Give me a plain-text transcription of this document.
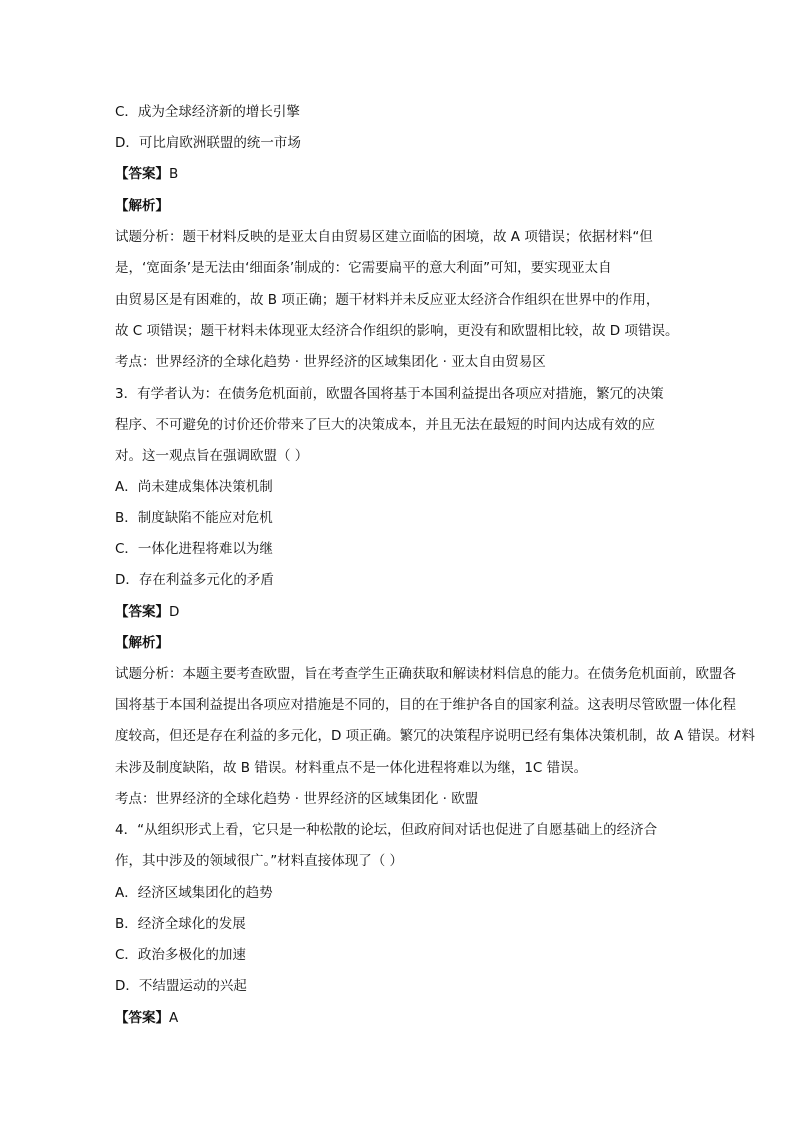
C．成为全球经济新的增长引擎
D．可比肩欧洲联盟的统一市场
【答案】B
【解析】
试题分析：题干材料反映的是亚太自由贸易区建立面临的困境，故 A 项错误；依据材料“但
是，‘宽面条’是无法由‘细面条’制成的：它需要扁平的意大利面”可知，要实现亚太自
由贸易区是有困难的，故 B 项正确；题干材料并未反应亚太经济合作组织在世界中的作用，
故 C 项错误；题干材料未体现亚太经济合作组织的影响，更没有和欧盟相比较，故 D 项错误。
考点：世界经济的全球化趋势 · 世界经济的区域集团化 · 亚太自由贸易区
3．有学者认为：在债务危机面前，欧盟各国将基于本国利益提出各项应对措施，繁冗的决策
程序、不可避免的讨价还价带来了巨大的决策成本，并且无法在最短的时间内达成有效的应
对。这一观点旨在强调欧盟（ ）
A．尚未建成集体决策机制
B．制度缺陷不能应对危机
C．一体化进程将难以为继
D．存在利益多元化的矛盾
【答案】D
【解析】
试题分析：本题主要考查欧盟，旨在考查学生正确获取和解读材料信息的能力。在债务危机面前，欧盟各
国将基于本国利益提出各项应对措施是不同的，目的在于维护各自的国家利益。这表明尽管欧盟一体化程
度较高，但还是存在利益的多元化，D 项正确。繁冗的决策程序说明已经有集体决策机制，故 A 错误。材料
未涉及制度缺陷，故 B 错误。材料重点不是一体化进程将难以为继，1C 错误。
考点：世界经济的全球化趋势 · 世界经济的区域集团化 · 欧盟
4．“从组织形式上看，它只是一种松散的论坛，但政府间对话也促进了自愿基础上的经济合
作，其中涉及的领域很广。”材料直接体现了（ ）
A．经济区域集团化的趋势
B．经济全球化的发展
C．政治多极化的加速
D．不结盟运动的兴起
【答案】A
